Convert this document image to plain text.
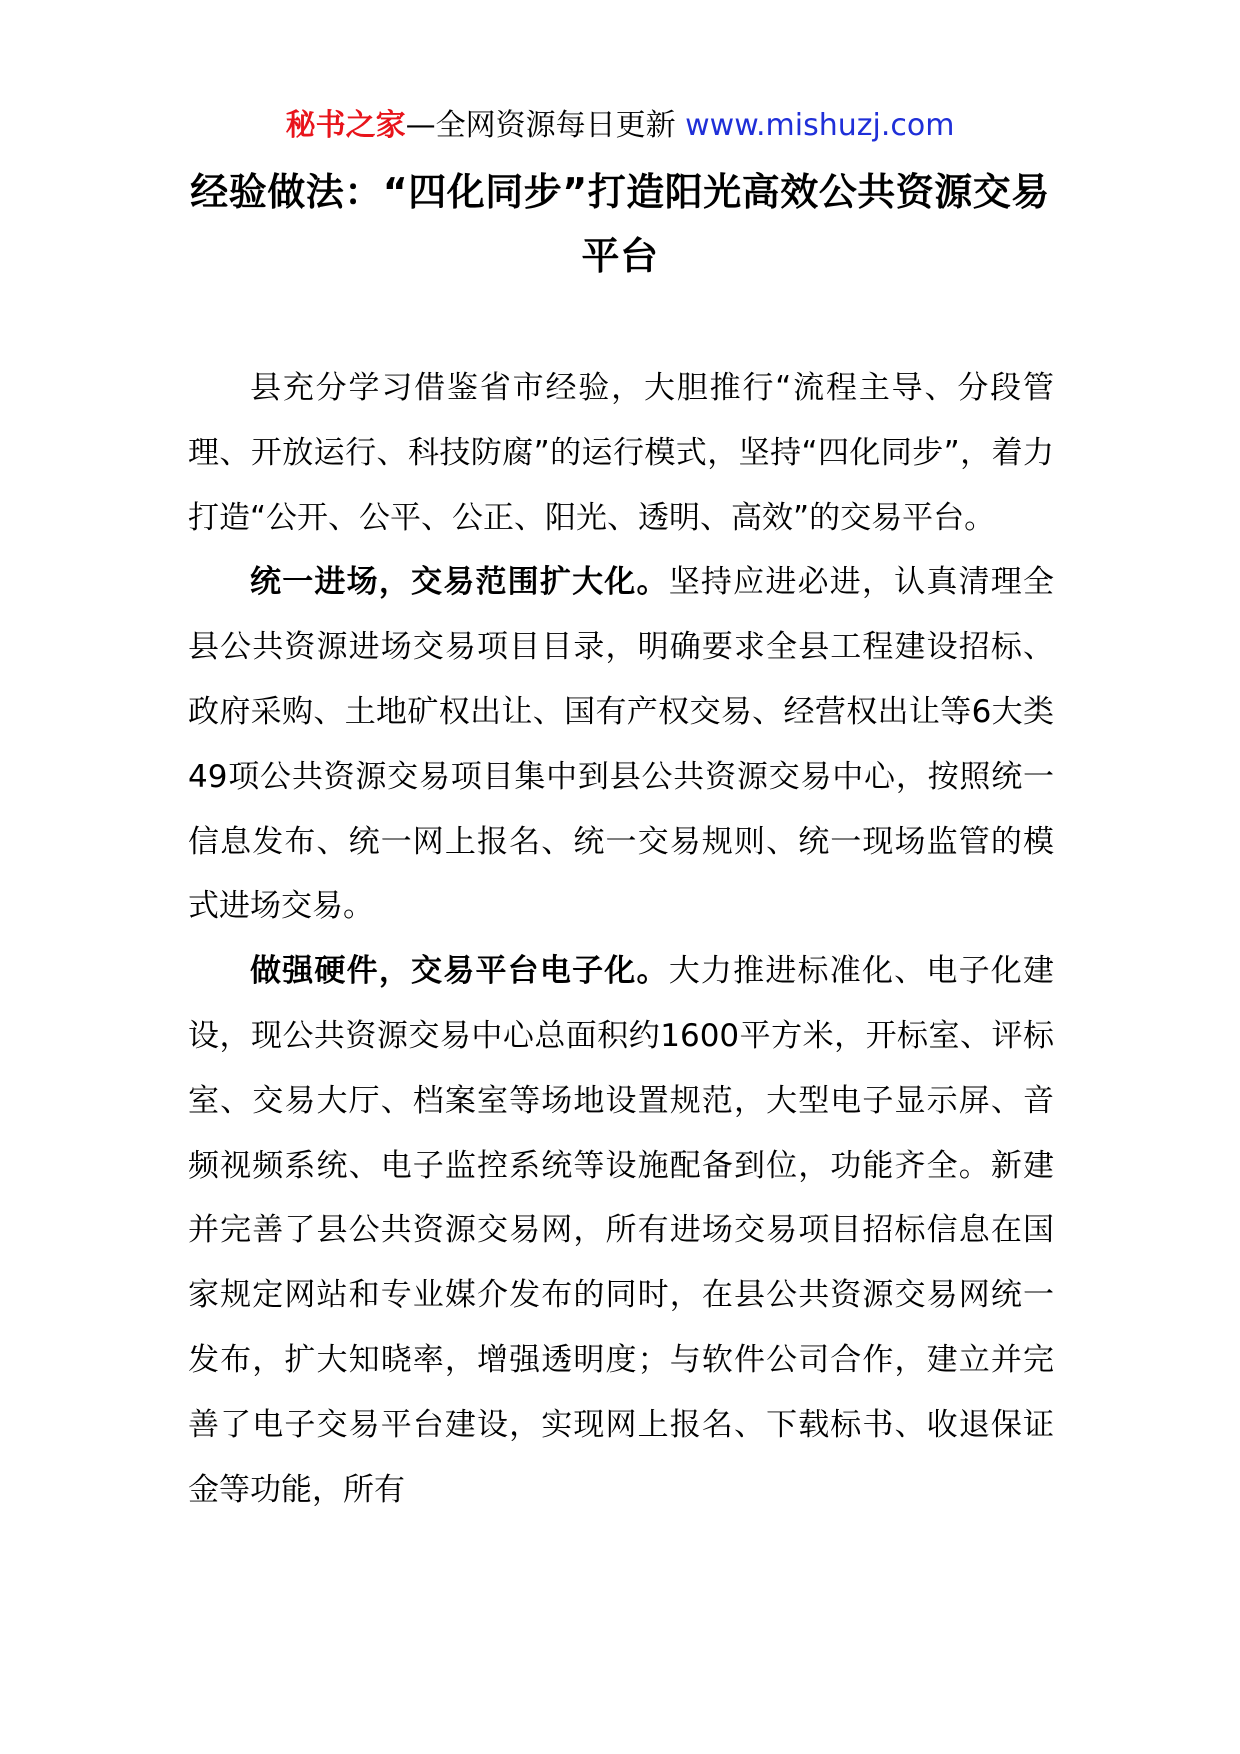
秘书之家—全网资源每日更新 www.mishuzj.com
经验做法：“四化同步”打造阳光高效公共资源交易平台

县充分学习借鉴省市经验，大胆推行“流程主导、分段管理、开放运行、科技防腐”的运行模式，坚持“四化同步”，着力打造“公开、公平、公正、阳光、透明、高效”的交易平台。

统一进场，交易范围扩大化。坚持应进必进，认真清理全县公共资源进场交易项目目录，明确要求全县工程建设招标、政府采购、土地矿权出让、国有产权交易、经营权出让等6大类49项公共资源交易项目集中到县公共资源交易中心，按照统一信息发布、统一网上报名、统一交易规则、统一现场监管的模式进场交易。

做强硬件，交易平台电子化。大力推进标准化、电子化建设，现公共资源交易中心总面积约1600平方米，开标室、评标室、交易大厅、档案室等场地设置规范，大型电子显示屏、音频视频系统、电子监控系统等设施配备到位，功能齐全。新建并完善了县公共资源交易网，所有进场交易项目招标信息在国家规定网站和专业媒介发布的同时，在县公共资源交易网统一发布，扩大知晓率，增强透明度；与软件公司合作，建立并完善了电子交易平台建设，实现网上报名、下载标书、收退保证金等功能，所有
